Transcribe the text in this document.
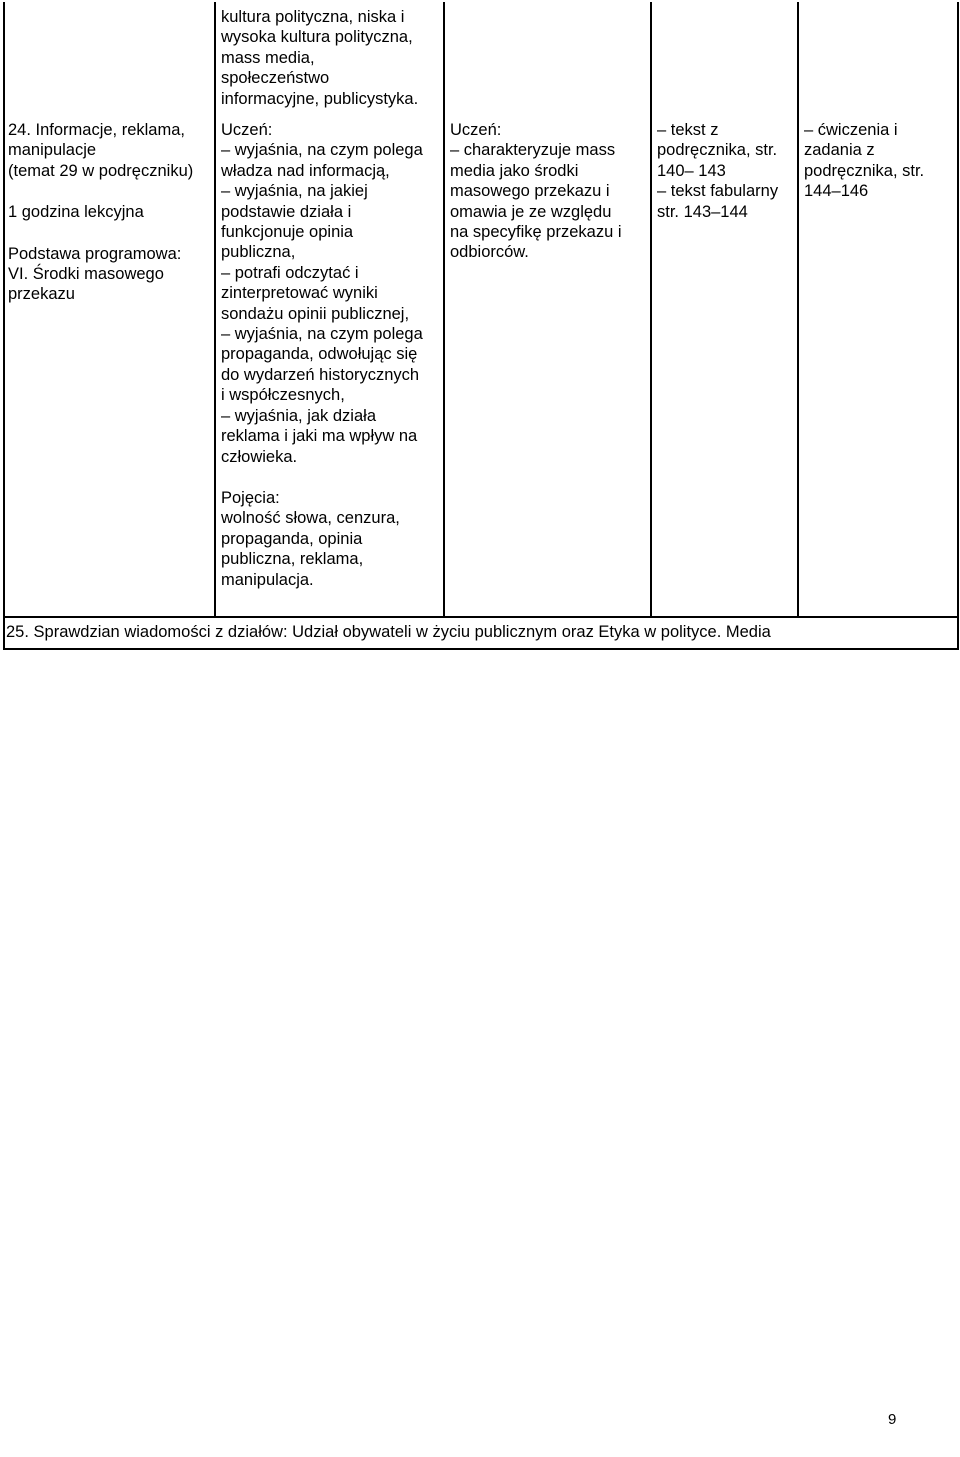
24. Informacje, reklama,
manipulacje
(temat 29 w podręczniku)
1 godzina lekcyjna
Podstawa programowa:
VI. Środki masowego
przekazu
kultura polityczna, niska i
wysoka kultura polityczna,
mass media,
społeczeństwo
informacyjne, publicystyka.
Uczeń:
– wyjaśnia, na czym polega
władza nad informacją,
– wyjaśnia, na jakiej
podstawie działa i
funkcjonuje opinia
publiczna,
– potrafi odczytać i
zinterpretować wyniki
sondażu opinii publicznej,
– wyjaśnia, na czym polega
propaganda, odwołując się
do wydarzeń historycznych
i współczesnych,
– wyjaśnia, jak działa
reklama i jaki ma wpływ na
człowieka.
Pojęcia:
wolność słowa, cenzura,
propaganda, opinia
publiczna, reklama,
manipulacja.
Uczeń:
– charakteryzuje mass
media jako środki
masowego przekazu i
omawia je ze względu
na specyfikę przekazu i
odbiorców.
– tekst z
podręcznika, str.
140– 143
– tekst fabularny
str. 143–144
– ćwiczenia i
zadania z
podręcznika, str.
144–146
25. Sprawdzian wiadomości z działów: Udział obywateli w życiu publicznym oraz Etyka w polityce. Media
9
